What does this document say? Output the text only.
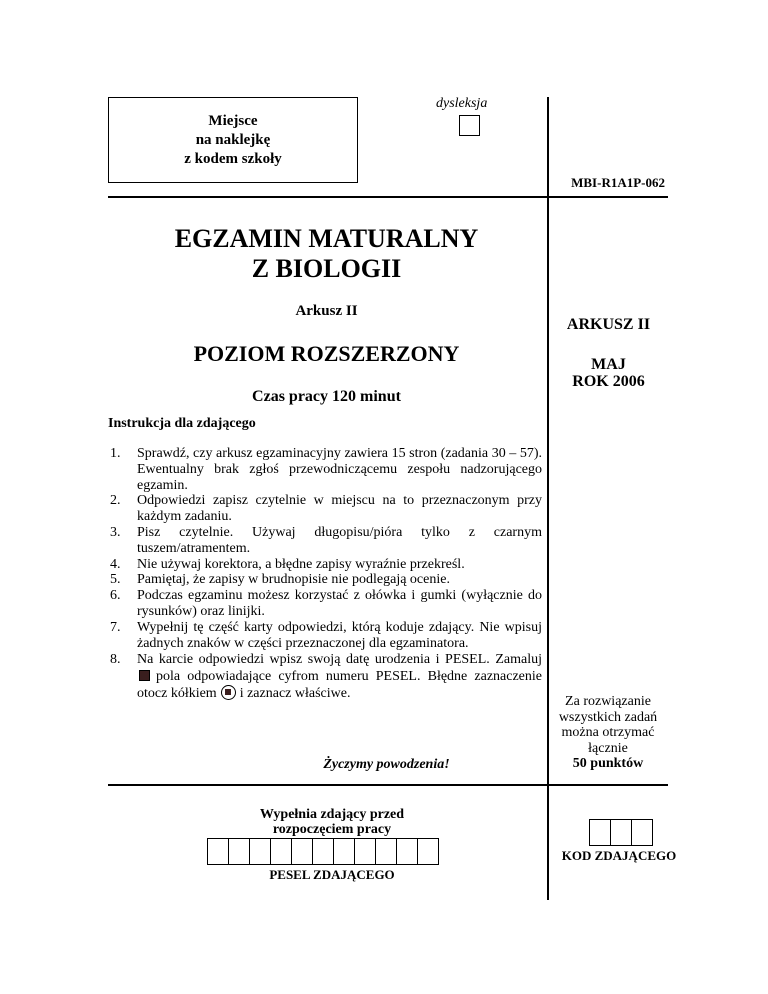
Miejsce
na naklejkę
z kodem szkoły
dysleksja
MBI-R1A1P-062
EGZAMIN MATURALNY
Z BIOLOGII
Arkusz II
POZIOM ROZSZERZONY
Czas pracy 120 minut
ARKUSZ II
MAJ
ROK 2006
Instrukcja dla zdającego
1. Sprawdź, czy arkusz egzaminacyjny zawiera 15 stron (zadania 30 – 57). Ewentualny brak zgłoś przewodniczącemu zespołu nadzorującego egzamin.
2. Odpowiedzi zapisz czytelnie w miejscu na to przeznaczonym przy każdym zadaniu.
3. Pisz czytelnie. Używaj długopisu/pióra tylko z czarnym tuszem/atramentem.
4. Nie używaj korektora, a błędne zapisy wyraźnie przekreśl.
5. Pamiętaj, że zapisy w brudnopisie nie podlegają ocenie.
6. Podczas egzaminu możesz korzystać z ołówka i gumki (wyłącznie do rysunków) oraz linijki.
7. Wypełnij tę część karty odpowiedzi, którą koduje zdający. Nie wpisuj żadnych znaków w części przeznaczonej dla egzaminatora.
8. Na karcie odpowiedzi wpisz swoją datę urodzenia i PESEL. Zamaluj pola odpowiadające cyfrom numeru PESEL. Błędne zaznaczenie otocz kółkiem i zaznacz właściwe.
Życzymy powodzenia!
Za rozwiązanie wszystkich zadań można otrzymać łącznie
50 punktów
Wypełnia zdający przed rozpoczęciem pracy
PESEL ZDAJĄCEGO
KOD ZDAJĄCEGO
